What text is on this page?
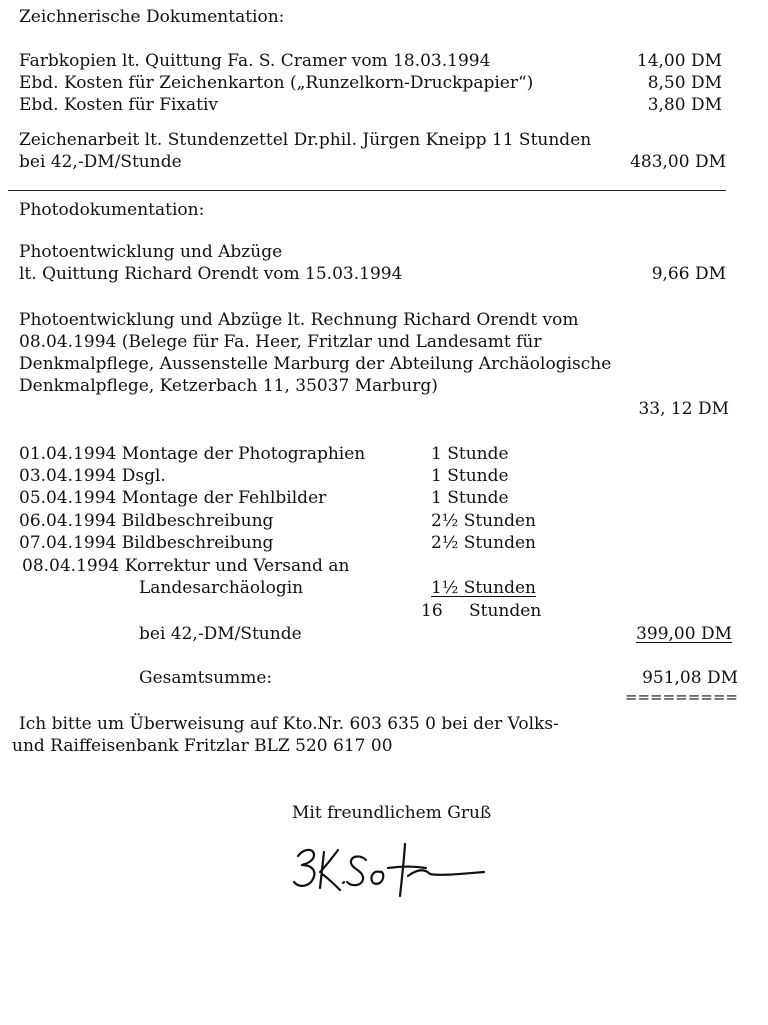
Zeichnerische Dokumentation:
Farbkopien lt. Quittung Fa. S. Cramer vom 18.03.1994	14,00 DM
Ebd. Kosten für Zeichenkarton („Runzelkorn-Druckpapier“)	8,50 DM
Ebd. Kosten für Fixativ	3,80 DM
Zeichenarbeit lt. Stundenzettel Dr.phil. Jürgen Kneipp 11 Stunden
bei 42,-DM/Stunde	483,00 DM
Photodokumentation:
Photoentwicklung und Abzüge
lt. Quittung Richard Orendt vom 15.03.1994	9,66 DM
Photoentwicklung und Abzüge lt. Rechnung Richard Orendt vom
08.04.1994 (Belege für Fa. Heer, Fritzlar und Landesamt für
Denkmalpflege, Aussenstelle Marburg der Abteilung Archäologische
Denkmalpflege, Ketzerbach 11, 35037 Marburg)
33, 12 DM
01.04.1994 Montage der Photographien	1 Stunde
03.04.1994 Dsgl.	1 Stunde
05.04.1994 Montage der Fehlbilder	1 Stunde
06.04.1994 Bildbeschreibung	2½ Stunden
07.04.1994 Bildbeschreibung	2½ Stunden
08.04.1994 Korrektur und Versand an
Landesarchäologin	1½ Stunden
16 Stunden
bei 42,-DM/Stunde	399,00 DM
Gesamtsumme:	951,08 DM
=========
Ich bitte um Überweisung auf Kto.Nr. 603 635 0 bei der Volks-
und Raiffeisenbank Fritzlar BLZ 520 617 00
Mit freundlichem Gruß
